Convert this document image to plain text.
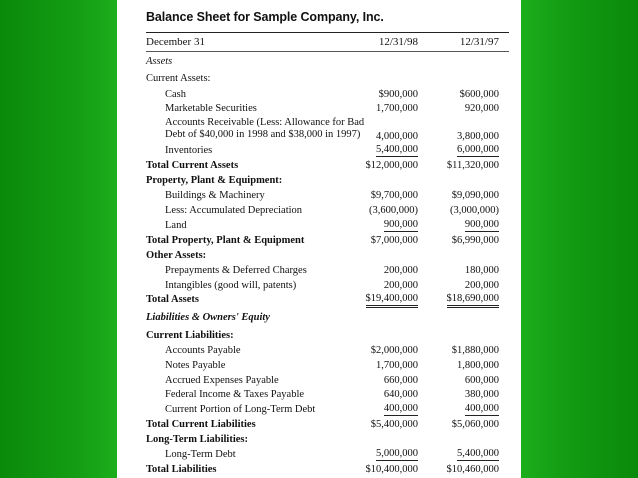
Balance Sheet for Sample Company, Inc.
December 31	12/31/98	12/31/97
Assets
Current Assets:
Cash	$900,000	$600,000
Marketable Securities	1,700,000	920,000
Accounts Receivable (Less: Allowance for Bad
Debt of $40,000 in 1998 and $38,000 in 1997) 4,000,000	3,800,000
Inventories	5,400,000	6,000,000
Total Current Assets	$12,000,000	$11,320,000
Property, Plant & Equipment:
Buildings & Machinery	$9,700,000	$9,090,000
Less: Accumulated Depreciation	(3,600,000)	(3,000,000)
Land	900,000	900,000
Total Property, Plant & Equipment	$7,000,000	$6,990,000
Other Assets:
Prepayments & Deferred Charges	200,000	180,000
Intangibles (good will, patents)	200,000	200,000
Total Assets	$19,400,000	$18,690,000
Liabilities & Owners' Equity
Current Liabilities:
Accounts Payable	$2,000,000	$1,880,000
Notes Payable	1,700,000	1,800,000
Accrued Expenses Payable	660,000	600,000
Federal Income & Taxes Payable	640,000	380,000
Current Portion of Long-Term Debt	400,000	400,000
Total Current Liabilities	$5,400,000	$5,060,000
Long-Term Liabilities:
Long-Term Debt	5,000,000	5,400,000
Total Liabilities	$10,400,000	$10,460,000
